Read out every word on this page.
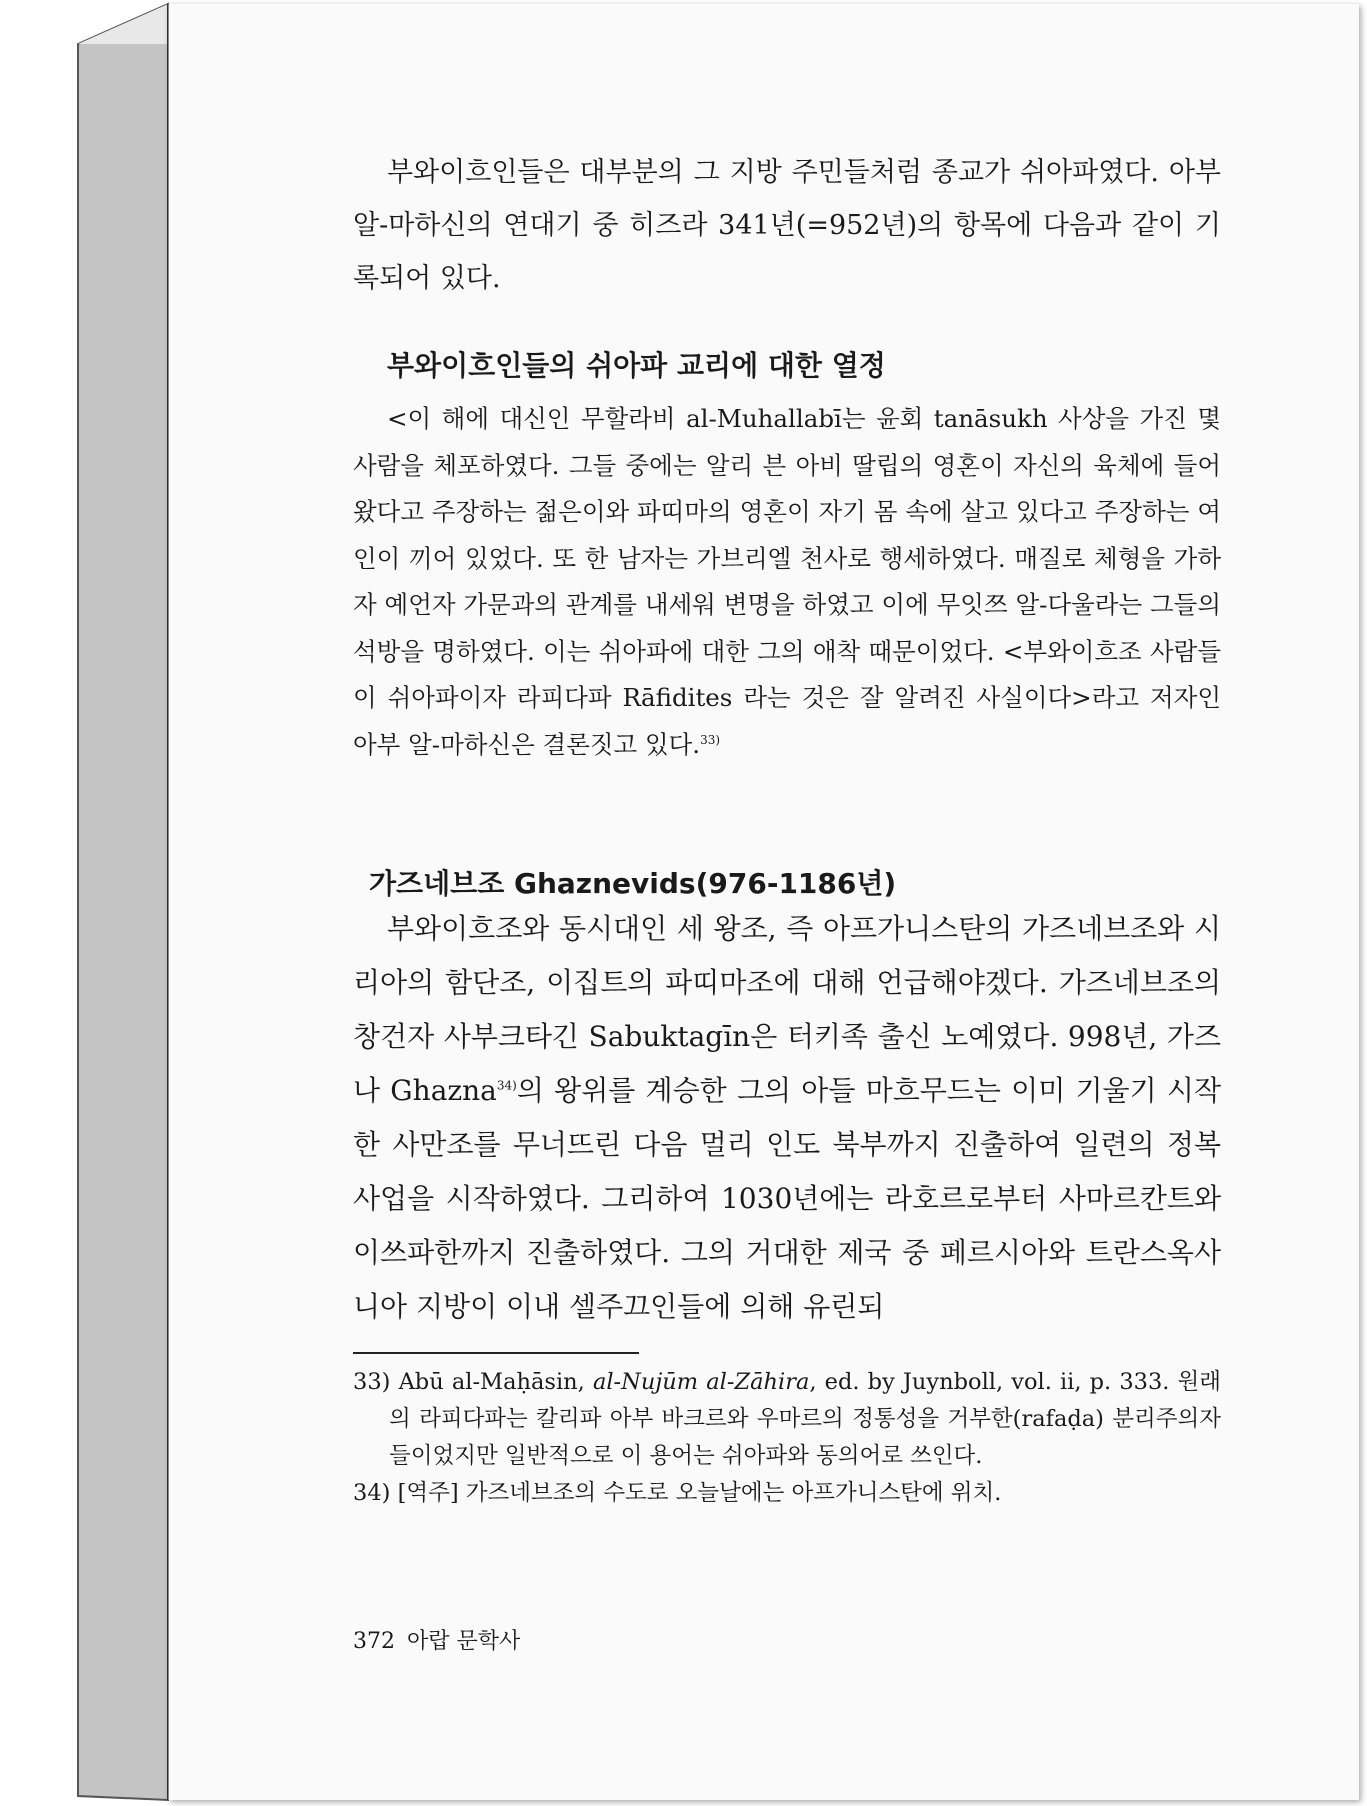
부와이흐인들은 대부분의 그 지방 주민들처럼 종교가 쉬아파였다. 아부 알-마하신의 연대기 중 히즈라 341년(=952년)의 항목에 다음과 같이 기록되어 있다.

부와이흐인들의 쉬아파 교리에 대한 열정

<이 해에 대신인 무할라비 al-Muhallabī는 윤회 tanāsukh 사상을 가진 몇 사람을 체포하였다. 그들 중에는 알리 븐 아비 딸립의 영혼이 자신의 육체에 들어왔다고 주장하는 젊은이와 파띠마의 영혼이 자기 몸 속에 살고 있다고 주장하는 여인이 끼어 있었다. 또 한 남자는 가브리엘 천사로 행세하였다. 매질로 체형을 가하자 예언자 가문과의 관계를 내세워 변명을 하였고 이에 무잇쯔 알-다울라는 그들의 석방을 명하였다. 이는 쉬아파에 대한 그의 애착 때문이었다. <부와이흐조 사람들이 쉬아파이자 라피다파 Rāfidites 라는 것은 잘 알려진 사실이다>라고 저자인 아부 알-마하신은 결론짓고 있다.$^{33)}$

가즈네브조 Ghaznevids(976-1186년)

부와이흐조와 동시대인 세 왕조, 즉 아프가니스탄의 가즈네브조와 시리아의 함단조, 이집트의 파띠마조에 대해 언급해야겠다. 가즈네브조의 창건자 사부크타긴 Sabuktagīn은 터키족 출신 노예였다. 998년, 가즈나 Ghazna$^{34)}$의 왕위를 계승한 그의 아들 마흐무드는 이미 기울기 시작한 사만조를 무너뜨린 다음 멀리 인도 북부까지 진출하여 일련의 정복 사업을 시작하였다. 그리하여 1030년에는 라호르로부터 사마르칸트와 이쓰파한까지 진출하였다. 그의 거대한 제국 중 페르시아와 트란스옥사니아 지방이 이내 셀주끄인들에 의해 유린되

33) Abū al-Maḥāsin, al-Nujūm al-Zāhira, ed. by Juynboll, vol. ii, p. 333. 원래의 라피다파는 칼리파 아부 바크르와 우마르의 정통성을 거부한(rafaḍa) 분리주의자들이었지만 일반적으로 이 용어는 쉬아파와 동의어로 쓰인다.

34) [역주] 가즈네브조의 수도로 오늘날에는 아프가니스탄에 위치.

372 아랍 문학사
